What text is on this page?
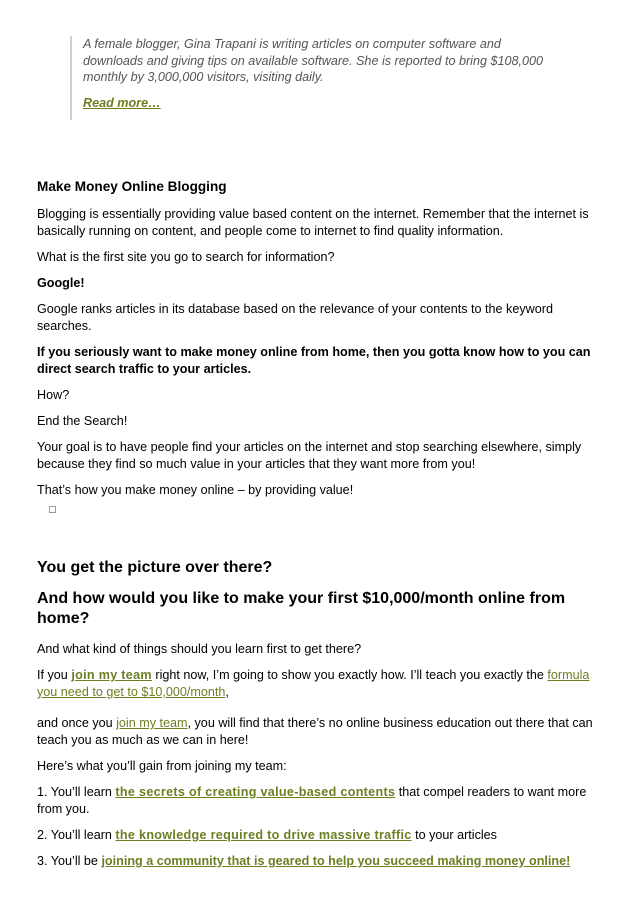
A female blogger, Gina Trapani is writing articles on computer software and downloads and giving tips on available software. She is reported to bring $108,000 monthly by 3,000,000 visitors, visiting daily.

Read more…
Make Money Online Blogging

Blogging is essentially providing value based content on the internet. Remember that the internet is basically running on content, and people come to internet to find quality information.

What is the first site you go to search for information?

Google!

Google ranks articles in its database based on the relevance of your contents to the keyword searches.

If you seriously want to make money online from home, then you gotta know how to you can direct search traffic to your articles.

How?

End the Search!

Your goal is to have people find your articles on the internet and stop searching elsewhere, simply because they find so much value in your articles that they want more from you!

That’s how you make money online – by providing value!

You get the picture over there?
And how would you like to make your first $10,000/month online from home?

And what kind of things should you learn first to get there?

If you join my team right now, I’m going to show you exactly how. I’ll teach you exactly the formula you need to get to $10,000/month,

and once you join my team, you will find that there’s no online business education out there that can teach you as much as we can in here!

Here’s what you’ll gain from joining my team:

1. You’ll learn the secrets of creating value-based contents that compel readers to want more from you.

2. You’ll learn the knowledge required to drive massive traffic to your articles

3. You’ll be joining a community that is geared to help you succeed making money online!
